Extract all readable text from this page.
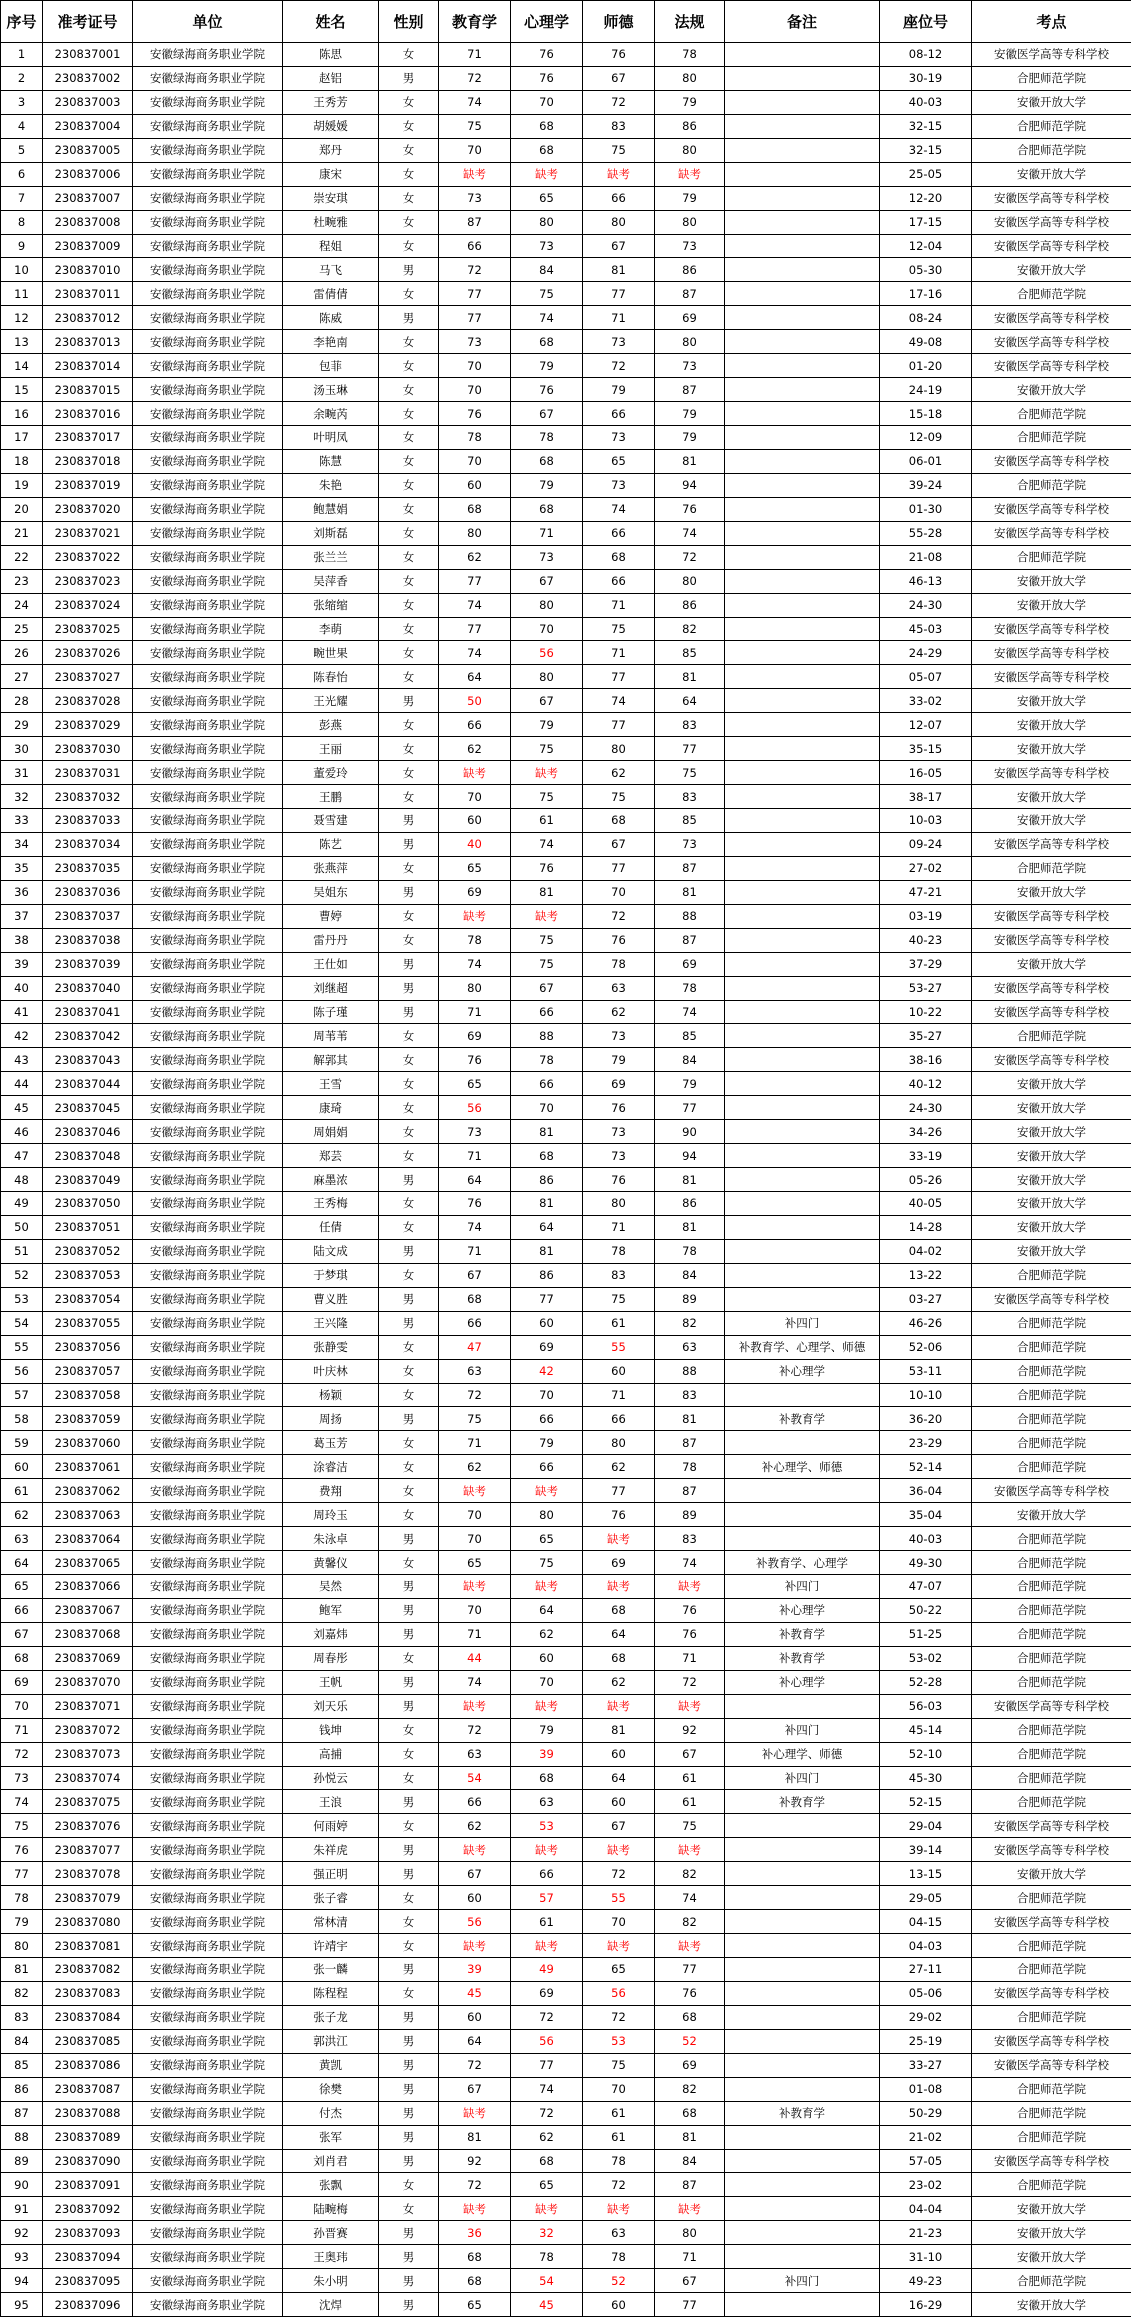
序号	准考证号	单位	姓名	性别	教育学	心理学	师德	法规	备注	座位号	考点
1	230837001	安徽绿海商务职业学院	陈思	女	71	76	76	78		08-12	安徽医学高等专科学校
2	230837002	安徽绿海商务职业学院	赵铝	男	72	76	67	80		30-19	合肥师范学院
3	230837003	安徽绿海商务职业学院	王秀芳	女	74	70	72	79		40-03	安徽开放大学
4	230837004	安徽绿海商务职业学院	胡媛媛	女	75	68	83	86		32-15	合肥师范学院
5	230837005	安徽绿海商务职业学院	郑丹	女	70	68	75	80		32-15	合肥师范学院
6	230837006	安徽绿海商务职业学院	康宋	女	缺考	缺考	缺考	缺考		25-05	安徽开放大学
7	230837007	安徽绿海商务职业学院	崇安琪	女	73	65	66	79		12-20	安徽医学高等专科学校
8	230837008	安徽绿海商务职业学院	杜畹雅	女	87	80	80	80		17-15	安徽医学高等专科学校
9	230837009	安徽绿海商务职业学院	程姐	女	66	73	67	73		12-04	安徽医学高等专科学校
10	230837010	安徽绿海商务职业学院	马飞	男	72	84	81	86		05-30	安徽开放大学
11	230837011	安徽绿海商务职业学院	雷倩倩	女	77	75	77	87		17-16	合肥师范学院
12	230837012	安徽绿海商务职业学院	陈威	男	77	74	71	69		08-24	安徽医学高等专科学校
13	230837013	安徽绿海商务职业学院	李艳南	女	73	68	73	80		49-08	安徽医学高等专科学校
14	230837014	安徽绿海商务职业学院	包菲	女	70	79	72	73		01-20	安徽医学高等专科学校
15	230837015	安徽绿海商务职业学院	汤玉琳	女	70	76	79	87		24-19	安徽开放大学
16	230837016	安徽绿海商务职业学院	余畹芮	女	76	67	66	79		15-18	合肥师范学院
17	230837017	安徽绿海商务职业学院	叶明凤	女	78	78	73	79		12-09	合肥师范学院
18	230837018	安徽绿海商务职业学院	陈慧	女	70	68	65	81		06-01	安徽医学高等专科学校
19	230837019	安徽绿海商务职业学院	朱艳	女	60	79	73	94		39-24	合肥师范学院
20	230837020	安徽绿海商务职业学院	鲍慧娟	女	68	68	74	76		01-30	安徽医学高等专科学校
21	230837021	安徽绿海商务职业学院	刘斯磊	女	80	71	66	74		55-28	安徽医学高等专科学校
22	230837022	安徽绿海商务职业学院	张兰兰	女	62	73	68	72		21-08	合肥师范学院
23	230837023	安徽绿海商务职业学院	吴萍香	女	77	67	66	80		46-13	安徽开放大学
24	230837024	安徽绿海商务职业学院	张缩缩	女	74	80	71	86		24-30	安徽开放大学
25	230837025	安徽绿海商务职业学院	李萌	女	77	70	75	82		45-03	安徽医学高等专科学校
26	230837026	安徽绿海商务职业学院	畹世果	女	74	56	71	85		24-29	安徽医学高等专科学校
27	230837027	安徽绿海商务职业学院	陈春怡	女	64	80	77	81		05-07	安徽医学高等专科学校
28	230837028	安徽绿海商务职业学院	王光耀	男	50	67	74	64		33-02	安徽开放大学
29	230837029	安徽绿海商务职业学院	彭燕	女	66	79	77	83		12-07	安徽开放大学
30	230837030	安徽绿海商务职业学院	王丽	女	62	75	80	77		35-15	安徽开放大学
31	230837031	安徽绿海商务职业学院	董爱玲	女	缺考	缺考	62	75		16-05	安徽医学高等专科学校
32	230837032	安徽绿海商务职业学院	王鹏	女	70	75	75	83		38-17	安徽开放大学
33	230837033	安徽绿海商务职业学院	聂雪建	男	60	61	68	85		10-03	安徽开放大学
34	230837034	安徽绿海商务职业学院	陈艺	男	40	74	67	73		09-24	安徽医学高等专科学校
35	230837035	安徽绿海商务职业学院	张燕萍	女	65	76	77	87		27-02	合肥师范学院
36	230837036	安徽绿海商务职业学院	吴姐东	男	69	81	70	81		47-21	安徽开放大学
37	230837037	安徽绿海商务职业学院	曹婷	女	缺考	缺考	72	88		03-19	安徽医学高等专科学校
38	230837038	安徽绿海商务职业学院	雷丹丹	女	78	75	76	87		40-23	安徽医学高等专科学校
39	230837039	安徽绿海商务职业学院	王仕如	男	74	75	78	69		37-29	安徽开放大学
40	230837040	安徽绿海商务职业学院	刘继超	男	80	67	63	78		53-27	安徽医学高等专科学校
41	230837041	安徽绿海商务职业学院	陈子瑾	男	71	66	62	74		10-22	安徽医学高等专科学校
42	230837042	安徽绿海商务职业学院	周苇苇	女	69	88	73	85		35-27	合肥师范学院
43	230837043	安徽绿海商务职业学院	解郭其	女	76	78	79	84		38-16	安徽医学高等专科学校
44	230837044	安徽绿海商务职业学院	王雪	女	65	66	69	79		40-12	安徽开放大学
45	230837045	安徽绿海商务职业学院	康琦	女	56	70	76	77		24-30	安徽开放大学
46	230837046	安徽绿海商务职业学院	周娟娟	女	73	81	73	90		34-26	安徽开放大学
47	230837048	安徽绿海商务职业学院	郑芸	女	71	68	73	94		33-19	安徽开放大学
48	230837049	安徽绿海商务职业学院	麻墨浓	男	64	86	76	81		05-26	安徽开放大学
49	230837050	安徽绿海商务职业学院	王秀梅	女	76	81	80	86		40-05	安徽开放大学
50	230837051	安徽绿海商务职业学院	任倩	女	74	64	71	81		14-28	安徽开放大学
51	230837052	安徽绿海商务职业学院	陆文成	男	71	81	78	78		04-02	安徽开放大学
52	230837053	安徽绿海商务职业学院	于梦琪	女	67	86	83	84		13-22	合肥师范学院
53	230837054	安徽绿海商务职业学院	曹义胜	男	68	77	75	89		03-27	安徽医学高等专科学校
54	230837055	安徽绿海商务职业学院	王兴隆	男	66	60	61	82	补四门	46-26	合肥师范学院
55	230837056	安徽绿海商务职业学院	张静雯	女	47	69	55	63	补教育学、心理学、师德	52-06	合肥师范学院
56	230837057	安徽绿海商务职业学院	叶庆林	女	63	42	60	88	补心理学	53-11	合肥师范学院
57	230837058	安徽绿海商务职业学院	杨颖	女	72	70	71	83		10-10	合肥师范学院
58	230837059	安徽绿海商务职业学院	周扬	男	75	66	66	81	补教育学	36-20	合肥师范学院
59	230837060	安徽绿海商务职业学院	葛玉芳	女	71	79	80	87		23-29	合肥师范学院
60	230837061	安徽绿海商务职业学院	涂睿洁	女	62	66	62	78	补心理学、师德	52-14	合肥师范学院
61	230837062	安徽绿海商务职业学院	费翔	女	缺考	缺考	77	87		36-04	安徽医学高等专科学校
62	230837063	安徽绿海商务职业学院	周玲玉	女	70	80	76	89		35-04	安徽开放大学
63	230837064	安徽绿海商务职业学院	朱泳卓	男	70	65	缺考	83		40-03	合肥师范学院
64	230837065	安徽绿海商务职业学院	黄馨仪	女	65	75	69	74	补教育学、心理学	49-30	合肥师范学院
65	230837066	安徽绿海商务职业学院	吴然	男	缺考	缺考	缺考	缺考	补四门	47-07	合肥师范学院
66	230837067	安徽绿海商务职业学院	鲍军	男	70	64	68	76	补心理学	50-22	合肥师范学院
67	230837068	安徽绿海商务职业学院	刘嘉炜	男	71	62	64	76	补教育学	51-25	合肥师范学院
68	230837069	安徽绿海商务职业学院	周春彤	女	44	60	68	71	补教育学	53-02	合肥师范学院
69	230837070	安徽绿海商务职业学院	王帆	男	74	70	62	72	补心理学	52-28	合肥师范学院
70	230837071	安徽绿海商务职业学院	刘天乐	男	缺考	缺考	缺考	缺考		56-03	安徽医学高等专科学校
71	230837072	安徽绿海商务职业学院	钱坤	女	72	79	81	92	补四门	45-14	合肥师范学院
72	230837073	安徽绿海商务职业学院	高捕	女	63	39	60	67	补心理学、师德	52-10	合肥师范学院
73	230837074	安徽绿海商务职业学院	孙悦云	女	54	68	64	61	补四门	45-30	合肥师范学院
74	230837075	安徽绿海商务职业学院	王浪	男	66	63	60	61	补教育学	52-15	合肥师范学院
75	230837076	安徽绿海商务职业学院	何雨婷	女	62	53	67	75		29-04	安徽医学高等专科学校
76	230837077	安徽绿海商务职业学院	朱祥虎	男	缺考	缺考	缺考	缺考		39-14	安徽医学高等专科学校
77	230837078	安徽绿海商务职业学院	强正明	男	67	66	72	82		13-15	安徽开放大学
78	230837079	安徽绿海商务职业学院	张子睿	女	60	57	55	74		29-05	合肥师范学院
79	230837080	安徽绿海商务职业学院	常林清	女	56	61	70	82		04-15	安徽医学高等专科学校
80	230837081	安徽绿海商务职业学院	许靖宇	女	缺考	缺考	缺考	缺考		04-03	合肥师范学院
81	230837082	安徽绿海商务职业学院	张一麟	男	39	49	65	77		27-11	合肥师范学院
82	230837083	安徽绿海商务职业学院	陈程程	女	45	69	56	76		05-06	安徽医学高等专科学校
83	230837084	安徽绿海商务职业学院	张子龙	男	60	72	72	68		29-02	合肥师范学院
84	230837085	安徽绿海商务职业学院	郭洪江	男	64	56	53	52		25-19	安徽医学高等专科学校
85	230837086	安徽绿海商务职业学院	黄凯	男	72	77	75	69		33-27	安徽医学高等专科学校
86	230837087	安徽绿海商务职业学院	徐樊	男	67	74	70	82		01-08	合肥师范学院
87	230837088	安徽绿海商务职业学院	付杰	男	缺考	72	61	68	补教育学	50-29	合肥师范学院
88	230837089	安徽绿海商务职业学院	张军	男	81	62	61	81		21-02	合肥师范学院
89	230837090	安徽绿海商务职业学院	刘肖君	男	92	68	78	84		57-05	安徽医学高等专科学校
90	230837091	安徽绿海商务职业学院	张飘	女	72	65	72	87		23-02	合肥师范学院
91	230837092	安徽绿海商务职业学院	陆畹梅	女	缺考	缺考	缺考	缺考		04-04	安徽开放大学
92	230837093	安徽绿海商务职业学院	孙晋赛	男	36	32	63	80		21-23	安徽开放大学
93	230837094	安徽绿海商务职业学院	王奥玮	男	68	78	78	71		31-10	安徽开放大学
94	230837095	安徽绿海商务职业学院	朱小明	男	68	54	52	67	补四门	49-23	合肥师范学院
95	230837096	安徽绿海商务职业学院	沈焊	男	65	45	60	77		16-29	安徽开放大学
